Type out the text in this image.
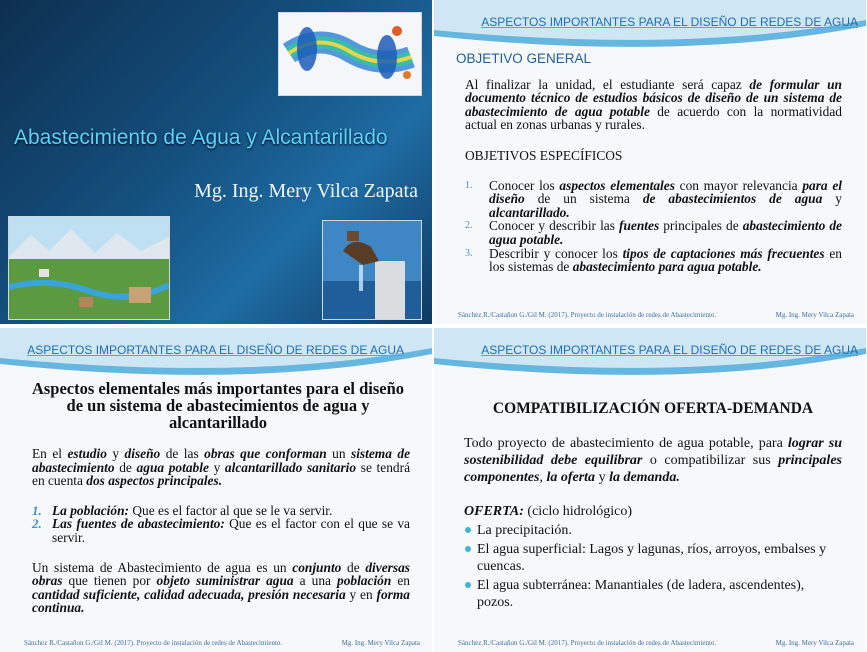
Abastecimiento de Agua y Alcantarillado
Mg. Ing. Mery Vilca Zapata
ASPECTOS IMPORTANTES PARA EL DISEÑO DE REDES DE AGUA

OBJETIVO GENERAL

Al finalizar la unidad, el estudiante será capaz de formular un documento técnico de estudios básicos de diseño de un sistema de abastecimiento de agua potable de acuerdo con la normatividad actual en zonas urbanas y rurales.

OBJETIVOS ESPECÍFICOS

1. Conocer los aspectos elementales con mayor relevancia para el diseño de un sistema de abastecimientos de agua y alcantarillado.
2. Conocer y describir las fuentes principales de abastecimiento de agua potable.
3. Describir y conocer los tipos de captaciones más frecuentes en los sistemas de abastecimiento para agua potable.
Sánchez R./Castañon G./Gil M. (2017). Proyecto de instalación de redes de Abastecimiento.	Mg. Ing. Mery Vilca Zapata
ASPECTOS IMPORTANTES PARA EL DISEÑO DE REDES DE AGUA

Aspectos elementales más importantes para el diseño de un sistema de abastecimientos de agua y alcantarillado

En el estudio y diseño de las obras que conforman un sistema de abastecimiento de agua potable y alcantarillado sanitario se tendrá en cuenta dos aspectos principales.

1. La población: Que es el factor al que se le va servir.
2. Las fuentes de abastecimiento: Que es el factor con el que se va servir.

Un sistema de Abastecimiento de agua es un conjunto de diversas obras que tienen por objeto suministrar agua a una población en cantidad suficiente, calidad adecuada, presión necesaria y en forma continua.

Sánchez R./Castañon G./Gil M. (2017). Proyecto de instalación de redes de Abastecimiento.	Mg. Ing. Mery Vilca Zapata
ASPECTOS IMPORTANTES PARA EL DISEÑO DE REDES DE AGUA

COMPATIBILIZACIÓN OFERTA-DEMANDA

Todo proyecto de abastecimiento de agua potable, para lograr su sostenibilidad debe equilibrar o compatibilizar sus principales componentes, la oferta y la demanda.

OFERTA: (ciclo hidrológico)

La precipitación.
El agua superficial: Lagos y lagunas, ríos, arroyos, embalses y cuencas.
El agua subterránea: Manantiales (de ladera, ascendentes), pozos.
Sánchez R./Castañon G./Gil M. (2017). Proyecto de instalación de redes de Abastecimiento.	Mg. Ing. Mery Vilca Zapata
